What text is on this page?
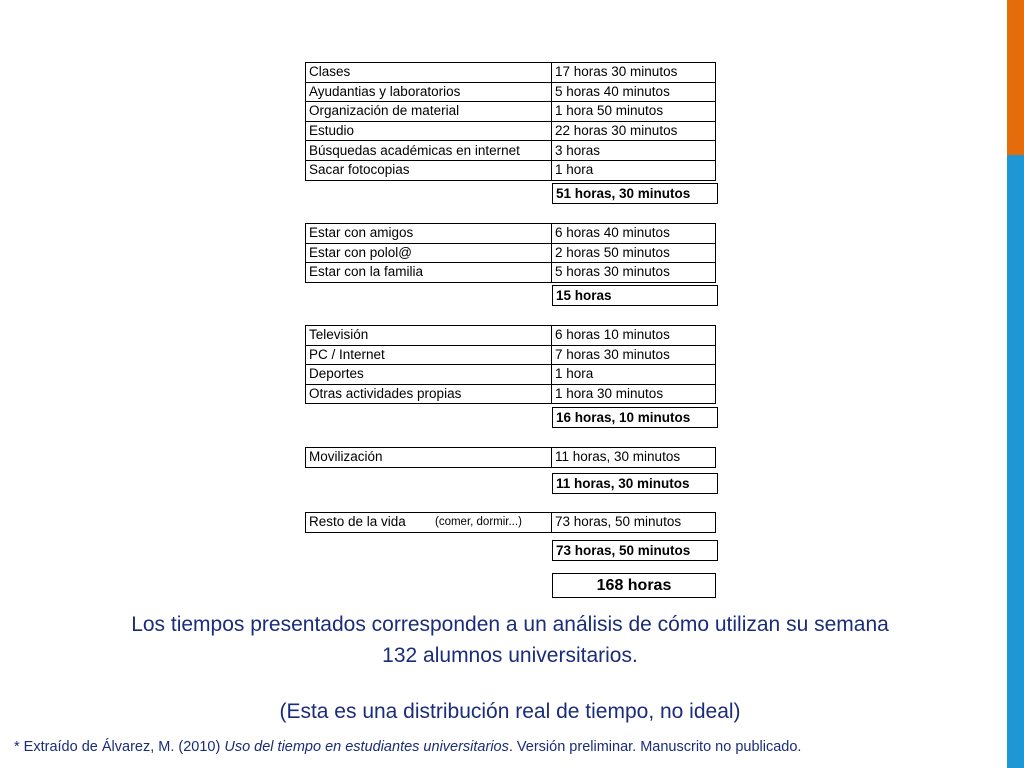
Clases	17 horas 30 minutos
Ayudantias y laboratorios	5 horas 40 minutos
Organización de material	1 hora 50 minutos
Estudio	22 horas 30 minutos
Búsquedas académicas en internet	3 horas
Sacar fotocopias	1 hora
51 horas, 30 minutos
Estar con amigos	6 horas 40 minutos
Estar con polol@	2 horas 50 minutos
Estar con la familia	5 horas 30 minutos
15 horas
Televisión	6 horas 10 minutos
PC / Internet	7 horas 30 minutos
Deportes	1 hora
Otras actividades propias	1 hora 30 minutos
16 horas, 10 minutos
Movilización	11 horas, 30 minutos
11 horas, 30 minutos
Resto de la vida	(comer, dormir...)	73 horas, 50 minutos
73 horas, 50 minutos
168 horas
Los tiempos presentados corresponden a un análisis de cómo utilizan su semana
132 alumnos universitarios.
(Esta es una distribución real de tiempo, no ideal)
* Extraído de Álvarez, M. (2010) Uso del tiempo en estudiantes universitarios. Versión preliminar. Manuscrito no publicado.
